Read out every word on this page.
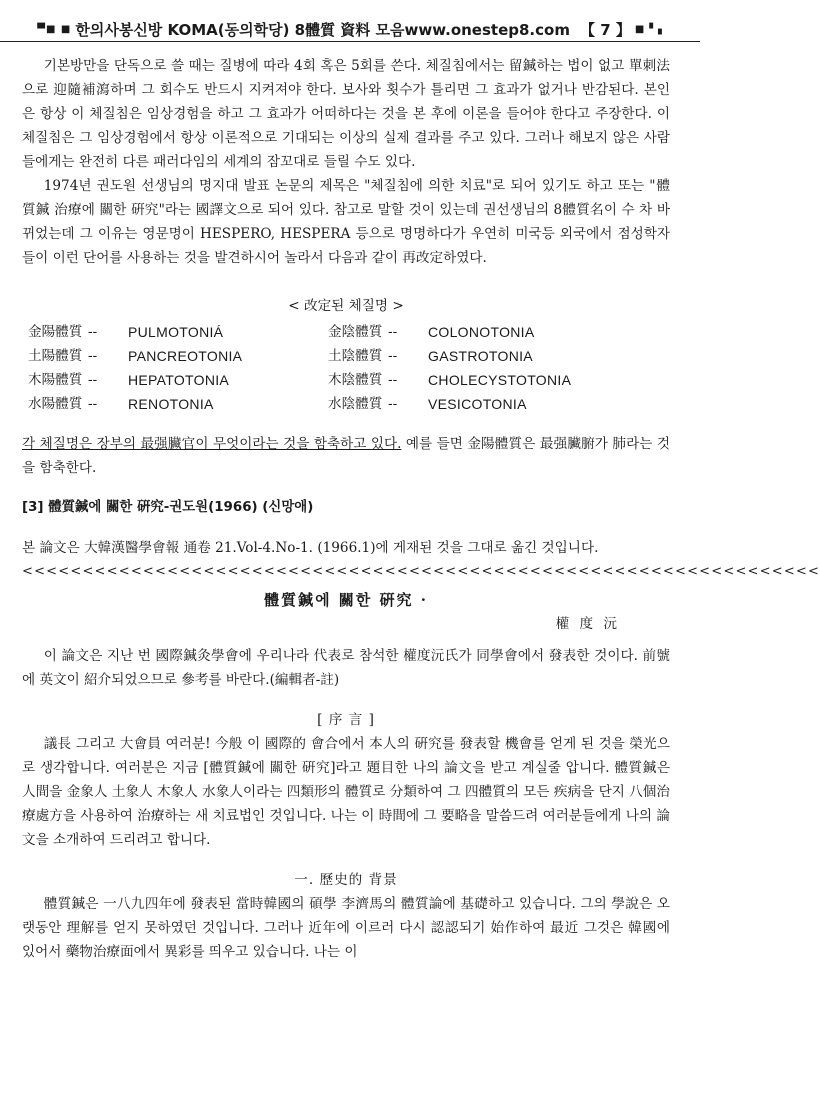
▀■ ■ 한의사봉신방 KOMA(동의학당) 8體質 資料 모음www.onestep8.com 【 7 】 ■▝▗

기본방만을 단독으로 쓸 때는 질병에 따라 4회 혹은 5회를 쓴다. 체질침에서는 留鍼하는 법이 없고 單刺法으로 迎隨補瀉하며 그 회수도 반드시 지켜져야 한다. 보사와 횟수가 틀리면 그 효과가 없거나 반감된다. 본인은 항상 이 체질침은 임상경험을 하고 그 효과가 어떠하다는 것을 본 후에 이론을 들어야 한다고 주장한다. 이 체질침은 그 임상경험에서 항상 이론적으로 기대되는 이상의 실제 결과를 주고 있다. 그러나 해보지 않은 사람들에게는 완전히 다른 패러다임의 세계의 잠꼬대로 들릴 수도 있다.

1974년 권도원 선생님의 명지대 발표 논문의 제목은 "체질침에 의한 치료"로 되어 있기도 하고 또는 "體質鍼 治療에 關한 硏究"라는 國譯文으로 되어 있다. 참고로 말할 것이 있는데 권선생님의 8體質名이 수 차 바뀌었는데 그 이유는 영문명이 HESPERO, HESPERA 등으로 명명하다가 우연히 미국등 외국에서 점성학자들이 이런 단어를 사용하는 것을 발견하시어 놀라서 다음과 같이 再改定하였다.

< 改定된 체질명 >

金陽體質 --	PULMOTONIÁ	金陰體質 --	COLONOTONIA
土陽體質 --	PANCREOTONIA	土陰體質 --	GASTROTONIA
木陽體質 --	HEPATOTONIA	木陰體質 --	CHOLECYSTOTONIA
水陽體質 --	RENOTONIA	水陰體質 --	VESICOTONIA

각 체질명은 장부의 最强臟官이 무엇이라는 것을 함축하고 있다. 예를 들면 金陽體質은 最强臟腑가 肺라는 것을 함축한다.

[3] 體質鍼에 關한 硏究-권도원(1966) (신망애)

본 論文은 大韓漢醫學會報 通卷 21.Vol-4.No-1. (1966.1)에 게재된 것을 그대로 옮긴 것입니다.

<<<<<<<<<<<<<<<<<<<<<<<<<<<<<<<<<<<<<<<<<<<<<<<<<<<<<<<<<<<<<<<<<<

體質鍼에 關한 硏究 ·

權 度 沅

이 論文은 지난 번 國際鍼灸學會에 우리나라 代表로 참석한 權度沅氏가 同學會에서 發表한 것이다. 前號에 英文이 紹介되었으므로 參考를 바란다.(編輯者-註)

[ 序 言 ]

議長 그리고 大會員 여러분! 今般 이 國際的 會合에서 本人의 硏究를 發表할 機會를 얻게 된 것을 榮光으로 생각합니다. 여러분은 지금 [體質鍼에 關한 硏究]라고 題目한 나의 論文을 받고 계실줄 압니다. 體質鍼은 人間을 金象人 土象人 木象人 水象人이라는 四類形의 體質로 分類하여 그 四體質의 모든 疾病을 단지 八個治療處方을 사용하여 治療하는 새 치료법인 것입니다. 나는 이 時間에 그 要略을 말씀드려 여러분들에게 나의 論文을 소개하여 드리려고 합니다.

一. 歷史的 背景

體質鍼은 一八九四年에 發表된 當時韓國의 碩學 李濟馬의 體質論에 基礎하고 있습니다. 그의 學說은 오랫동안 理解를 얻지 못하였던 것입니다. 그러나 近年에 이르러 다시 認認되기 始作하여 最近 그것은 韓國에 있어서 藥物治療面에서 異彩를 띄우고 있습니다. 나는 이
